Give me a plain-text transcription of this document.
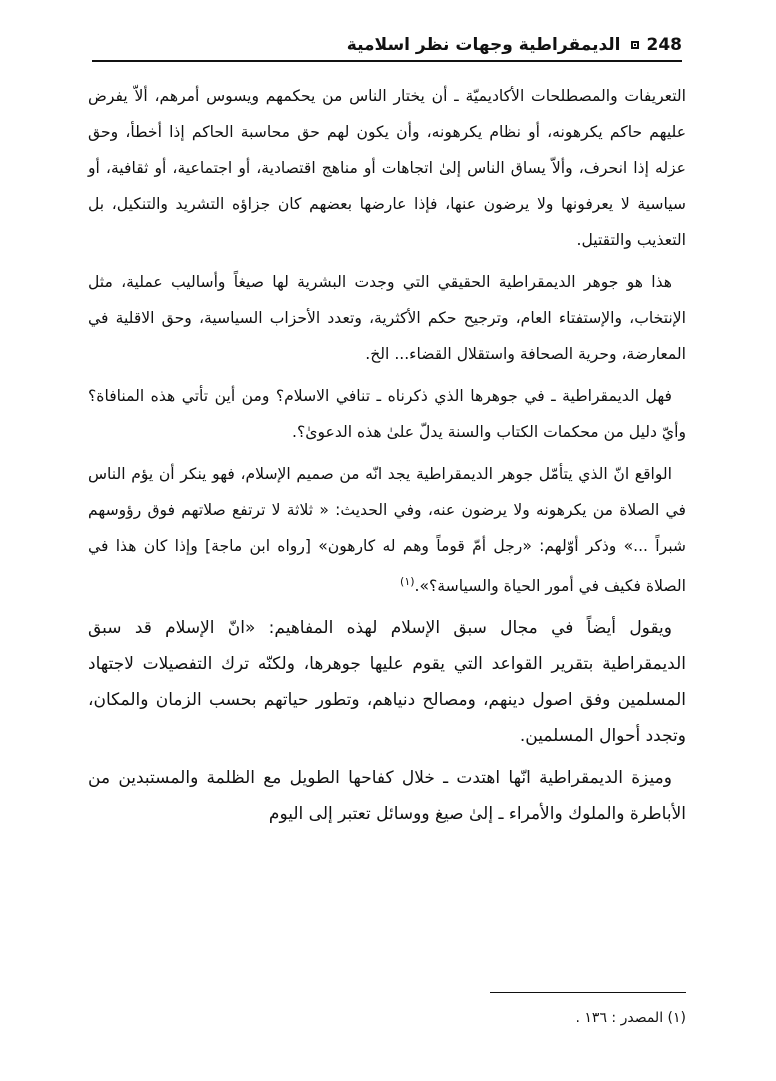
248
الديمقراطية وجهات نظر اسلامية

التعريفات والمصطلحات الأكاديميّة ـ أن يختار الناس من يحكمهم ويسوس أمرهم، ألاّ يفرض عليهم حاكم يكرهونه، أو نظام يكرهونه، وأن يكون لهم حق محاسبة الحاكم إذا أخطأ، وحق عزله إذا انحرف، وألاّ يساق الناس إلىٰ اتجاهات أو مناهج اقتصادية، أو اجتماعية، أو ثقافية، أو سياسية لا يعرفونها ولا يرضون عنها، فإذا عارضها بعضهم كان جزاؤه التشريد والتنكيل، بل التعذيب والتقتيل.

هذا هو جوهر الديمقراطية الحقيقي التي وجدت البشرية لها صيغاً وأساليب عملية، مثل الإنتخاب، والإستفتاء العام، وترجيح حكم الأكثرية، وتعدد الأحزاب السياسية، وحق الاقلية في المعارضة، وحرية الصحافة واستقلال القضاء... الخ.

فهل الديمقراطية ـ في جوهرها الذي ذكرناه ـ تنافي الاسلام؟ ومن أين تأتي هذه المنافاة؟ وأيّ دليل من محكمات الكتاب والسنة يدلّ علىٰ هذه الدعوىٰ؟.

الواقع انّ الذي يتأمّل جوهر الديمقراطية يجد انّه من صميم الإسلام، فهو ينكر أن يؤم الناس في الصلاة من يكرهونه ولا يرضون عنه، وفي الحديث: « ثلاثة لا ترتفع صلاتهم فوق رؤوسهم شبراً ...» وذكر أوّلهم: «رجل أمّ قوماً وهم له كارهون» [رواه ابن ماجة] وإذا كان هذا في الصلاة فكيف في أمور الحياة والسياسة؟».$^{(١)}$

ويقول أيضاً في مجال سبق الإسلام لهذه المفاهيم: «انّ الإسلام قد سبق الديمقراطية بتقرير القواعد التي يقوم عليها جوهرها، ولكنّه ترك التفصيلات لاجتهاد المسلمين وفق اصول دينهم، ومصالح دنياهم، وتطور حياتهم بحسب الزمان والمكان، وتجدد أحوال المسلمين.

وميزة الديمقراطية انّها اهتدت ـ خلال كفاحها الطويل مع الظلمة والمستبدين من الأباطرة والملوك والأمراء ـ إلىٰ صيغ ووسائل تعتبر إلى اليوم

(١) المصدر : ١٣٦ .
